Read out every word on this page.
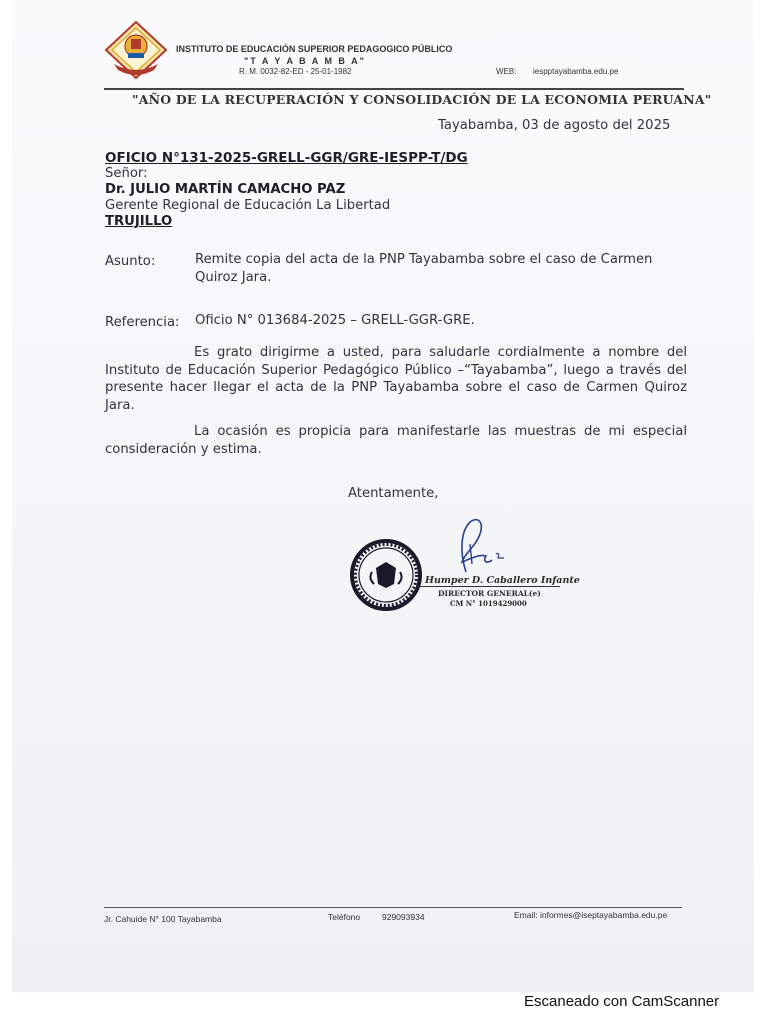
INSTITUTO DE EDUCACIÓN SUPERIOR PEDAGOGICO PÚBLICO
"T A Y A B A M B A"
R. M. 0032-82-ED - 25-01-1982	WEB: iespptayabamba.edu.pe
"AÑO DE LA RECUPERACIÓN Y CONSOLIDACIÓN DE LA ECONOMIA PERUANA"
Tayabamba, 03 de agosto del 2025
OFICIO N°131-2025-GRELL-GGR/GRE-IESPP-T/DG
Señor:
Dr. JULIO MARTÍN CAMACHO PAZ
Gerente Regional de Educación La Libertad
TRUJILLO
Asunto:	Remite copia del acta de la PNP Tayabamba sobre el caso de Carmen Quiroz Jara.
Referencia: Oficio N° 013684-2025 – GRELL-GGR-GRE.
Es grato dirigirme a usted, para saludarle cordialmente a nombre del Instituto de Educación Superior Pedagógico Público –“Tayabamba”, luego a través del presente hacer llegar el acta de la PNP Tayabamba sobre el caso de Carmen Quiroz Jara.
La ocasión es propicia para manifestarle las muestras de mi especial consideración y estima.
Atentamente,
Humper D. Caballero Infante
DIRECTOR GENERAL(e)
CM N° 1019429000
Jr. Cahuide N° 100 Tayabamba	Teléfono	929093934	Email: informes@iseptayabamba.edu.pe
Escaneado con CamScanner
